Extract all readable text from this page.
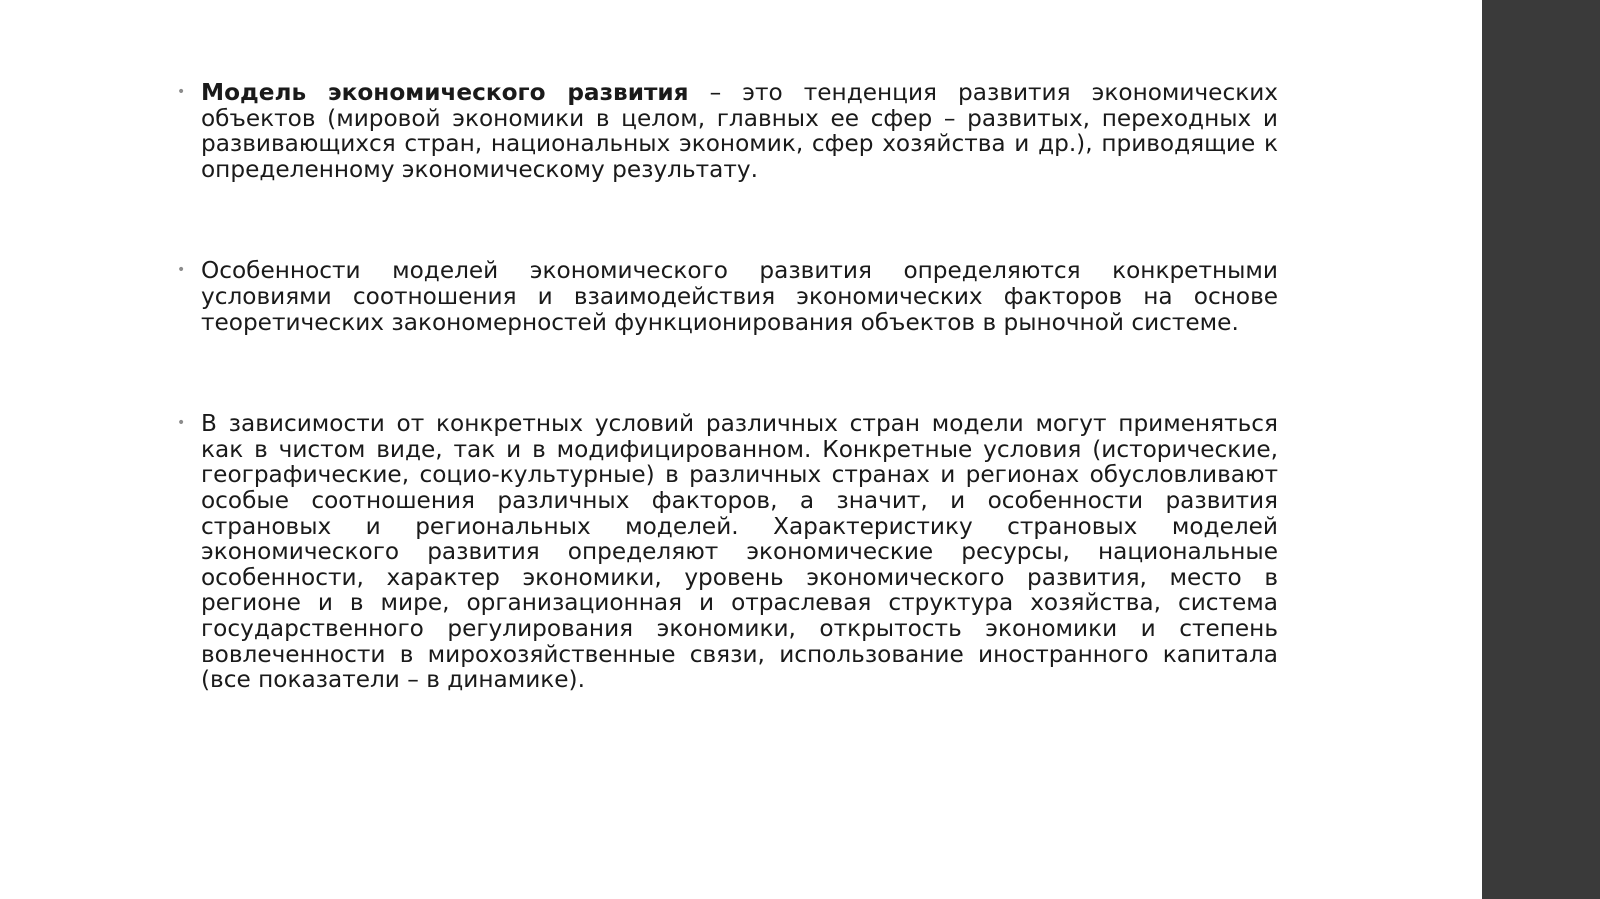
• Модель экономического развития – это тенденция развития экономических объектов (мировой экономики в целом, главных ее сфер – развитых, переходных и развивающихся стран, национальных экономик, сфер хозяйства и др.), приводящие к определенному экономическому результату.
• Особенности моделей экономического развития определяются конкретными условиями соотношения и взаимодействия экономических факторов на основе теоретических закономерностей функционирования объектов в рыночной системе.
• В зависимости от конкретных условий различных стран модели могут применяться как в чистом виде, так и в модифицированном. Конкретные условия (исторические, географические, социо-культурные) в различных странах и регионах обусловливают особые соотношения различных факторов, а значит, и особенности развития страновых и региональных моделей. Характеристику страновых моделей экономического развития определяют экономические ресурсы, национальные особенности, характер экономики, уровень экономического развития, место в регионе и в мире, организационная и отраслевая структура хозяйства, система государственного регулирования экономики, открытость экономики и степень вовлеченности в мирохозяйственные связи, использование иностранного капитала (все показатели – в динамике).
